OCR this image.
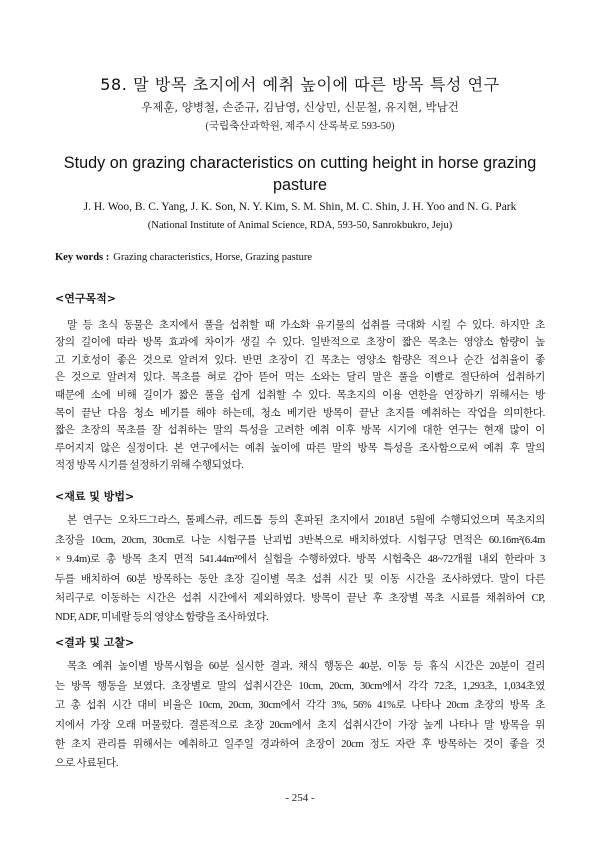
58. 말 방목 초지에서 예취 높이에 따른 방목 특성 연구
우제훈, 양병철, 손준규, 김남영, 신상민, 신문철, 유지현, 박남건
(국립축산과학원, 제주시 산록북로 593-50)
Study on grazing characteristics on cutting height in horse grazing pasture
J. H. Woo, B. C. Yang, J. K. Son, N. Y. Kim, S. M. Shin, M. C. Shin, J. H. Yoo and N. G. Park
(National Institute of Animal Science, RDA, 593-50, Sanrokbukro, Jeju)
Key words : Grazing characteristics, Horse, Grazing pasture
<연구목적>
말 등 초식 동물은 초지에서 풀을 섭취할 때 가소화 유기물의 섭취를 극대화 시킬 수 있다. 하지만 초
장의 길이에 따라 방목 효과에 차이가 생길 수 있다. 일반적으로 초장이 짧은 목초는 영양소 함량이 높
고 기호성이 좋은 것으로 알려져 있다. 반면 초장이 긴 목초는 영양소 함량은 적으나 순간 섭취율이 좋
은 것으로 알려져 있다. 목초를 혀로 감아 뜯어 먹는 소와는 달리 말은 풀을 이빨로 절단하여 섭취하기
때문에 소에 비해 길이가 짧은 풀을 쉽게 섭취할 수 있다. 목초지의 이용 연한을 연장하기 위해서는 방
목이 끝난 다음 청소 베기를 해야 하는데, 청소 베기란 방목이 끝난 초지를 예취하는 작업을 의미한다.
짧은 초장의 목초를 잘 섭취하는 말의 특성을 고려한 예취 이후 방목 시기에 대한 연구는 현재 많이 이
루어지지 않은 실정이다. 본 연구에서는 예취 높이에 따른 말의 방목 특성을 조사함으로써 예취 후 말의
적정 방목 시기를 설정하기 위해 수행되었다.
<재료 및 방법>
본 연구는 오차드그라스, 톨페스큐, 레드톱 등의 혼파된 초지에서 2018년 5월에 수행되었으며 목초지의
초장을 10cm, 20cm, 30cm로 나눈 시험구를 난괴법 3반복으로 배치하였다. 시험구당 면적은 60.16m²(6.4m
× 9.4m)로 총 방목 초지 면적 541.44m²에서 실험을 수행하였다. 방목 시험축은 48~72개월 내외 한라마 3
두를 배치하여 60분 방목하는 동안 초장 길이별 목초 섭취 시간 및 이동 시간을 조사하였다. 말이 다른
처리구로 이동하는 시간은 섭취 시간에서 제외하였다. 방목이 끝난 후 초장별 목초 시료를 채취하여 CP,
NDF, ADF, 미네랄 등의 영양소 함량을 조사하였다.
<결과 및 고찰>
목초 예취 높이별 방목시험을 60분 실시한 결과, 채식 행동은 40분, 이동 등 휴식 시간은 20분이 걸리
는 방목 행동을 보였다. 초장별로 말의 섭취시간은 10cm, 20cm, 30cm에서 각각 72초, 1,293초, 1,034초였
고 총 섭취 시간 대비 비율은 10cm, 20cm, 30cm에서 각각 3%, 56% 41%로 나타나 20cm 초장의 방목 초
지에서 가장 오래 머물렀다. 결론적으로 초장 20cm에서 초지 섭취시간이 가장 높게 나타나 말 방목을 위
한 초지 관리를 위해서는 예취하고 일주일 경과하여 초장이 20cm 정도 자란 후 방목하는 것이 좋을 것
으로 사료된다.
- 254 -
